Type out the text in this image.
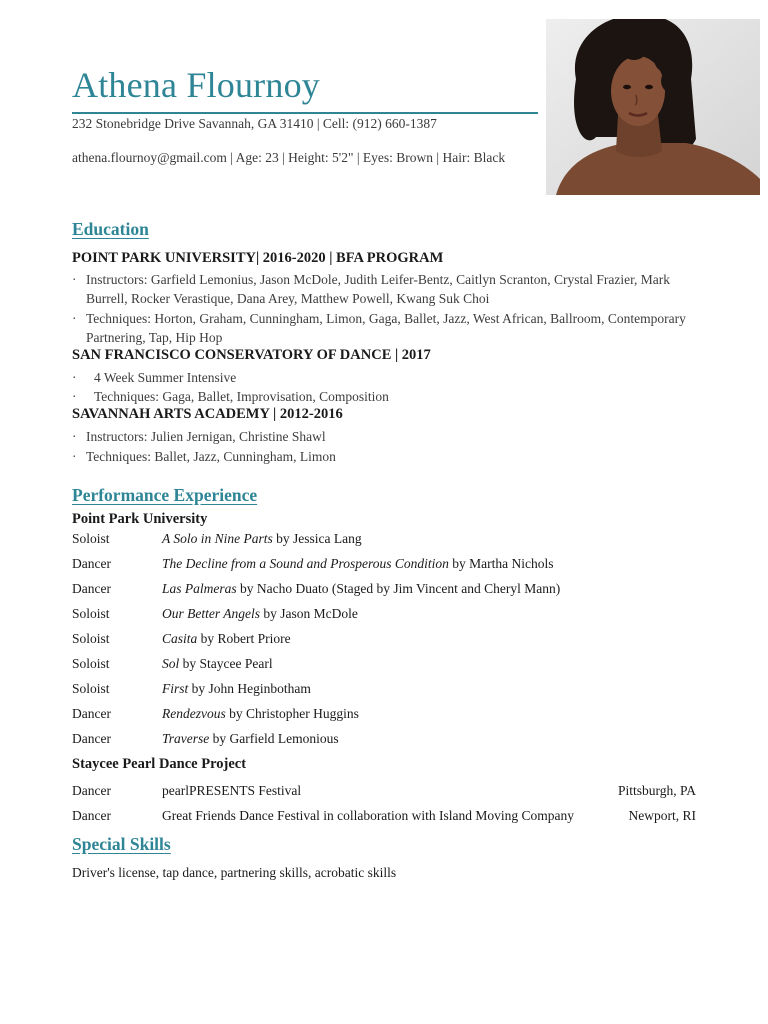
Athena Flournoy
232 Stonebridge Drive Savannah, GA 31410 | Cell: (912) 660-1387
athena.flournoy@gmail.com | Age: 23 | Height: 5'2" | Eyes: Brown | Hair: Black
Education
POINT PARK UNIVERSITY| 2016-2020 | BFA PROGRAM
· Instructors: Garfield Lemonius, Jason McDole, Judith Leifer-Bentz, Caitlyn Scranton, Crystal Frazier, Mark Burrell, Rocker Verastique, Dana Arey, Matthew Powell, Kwang Suk Choi
· Techniques: Horton, Graham, Cunningham, Limon, Gaga, Ballet, Jazz, West African, Ballroom, Contemporary Partnering, Tap, Hip Hop
SAN FRANCISCO CONSERVATORY OF DANCE | 2017
· 4 Week Summer Intensive
· Techniques: Gaga, Ballet, Improvisation, Composition
SAVANNAH ARTS ACADEMY | 2012-2016
· Instructors: Julien Jernigan, Christine Shawl
· Techniques: Ballet, Jazz, Cunningham, Limon
Performance Experience
Point Park University
Soloist	A Solo in Nine Parts by Jessica Lang
Dancer	The Decline from a Sound and Prosperous Condition by Martha Nichols
Dancer	Las Palmeras by Nacho Duato (Staged by Jim Vincent and Cheryl Mann)
Soloist	Our Better Angels by Jason McDole
Soloist	Casita by Robert Priore
Soloist	Sol by Staycee Pearl
Soloist	First by John Heginbotham
Dancer	Rendezvous by Christopher Huggins
Dancer	Traverse by Garfield Lemonious
Staycee Pearl Dance Project
Dancer	pearlPRESENTS Festival	Pittsburgh, PA
Dancer	Great Friends Dance Festival in collaboration with Island Moving Company	Newport, RI
Special Skills
Driver's license, tap dance, partnering skills, acrobatic skills
